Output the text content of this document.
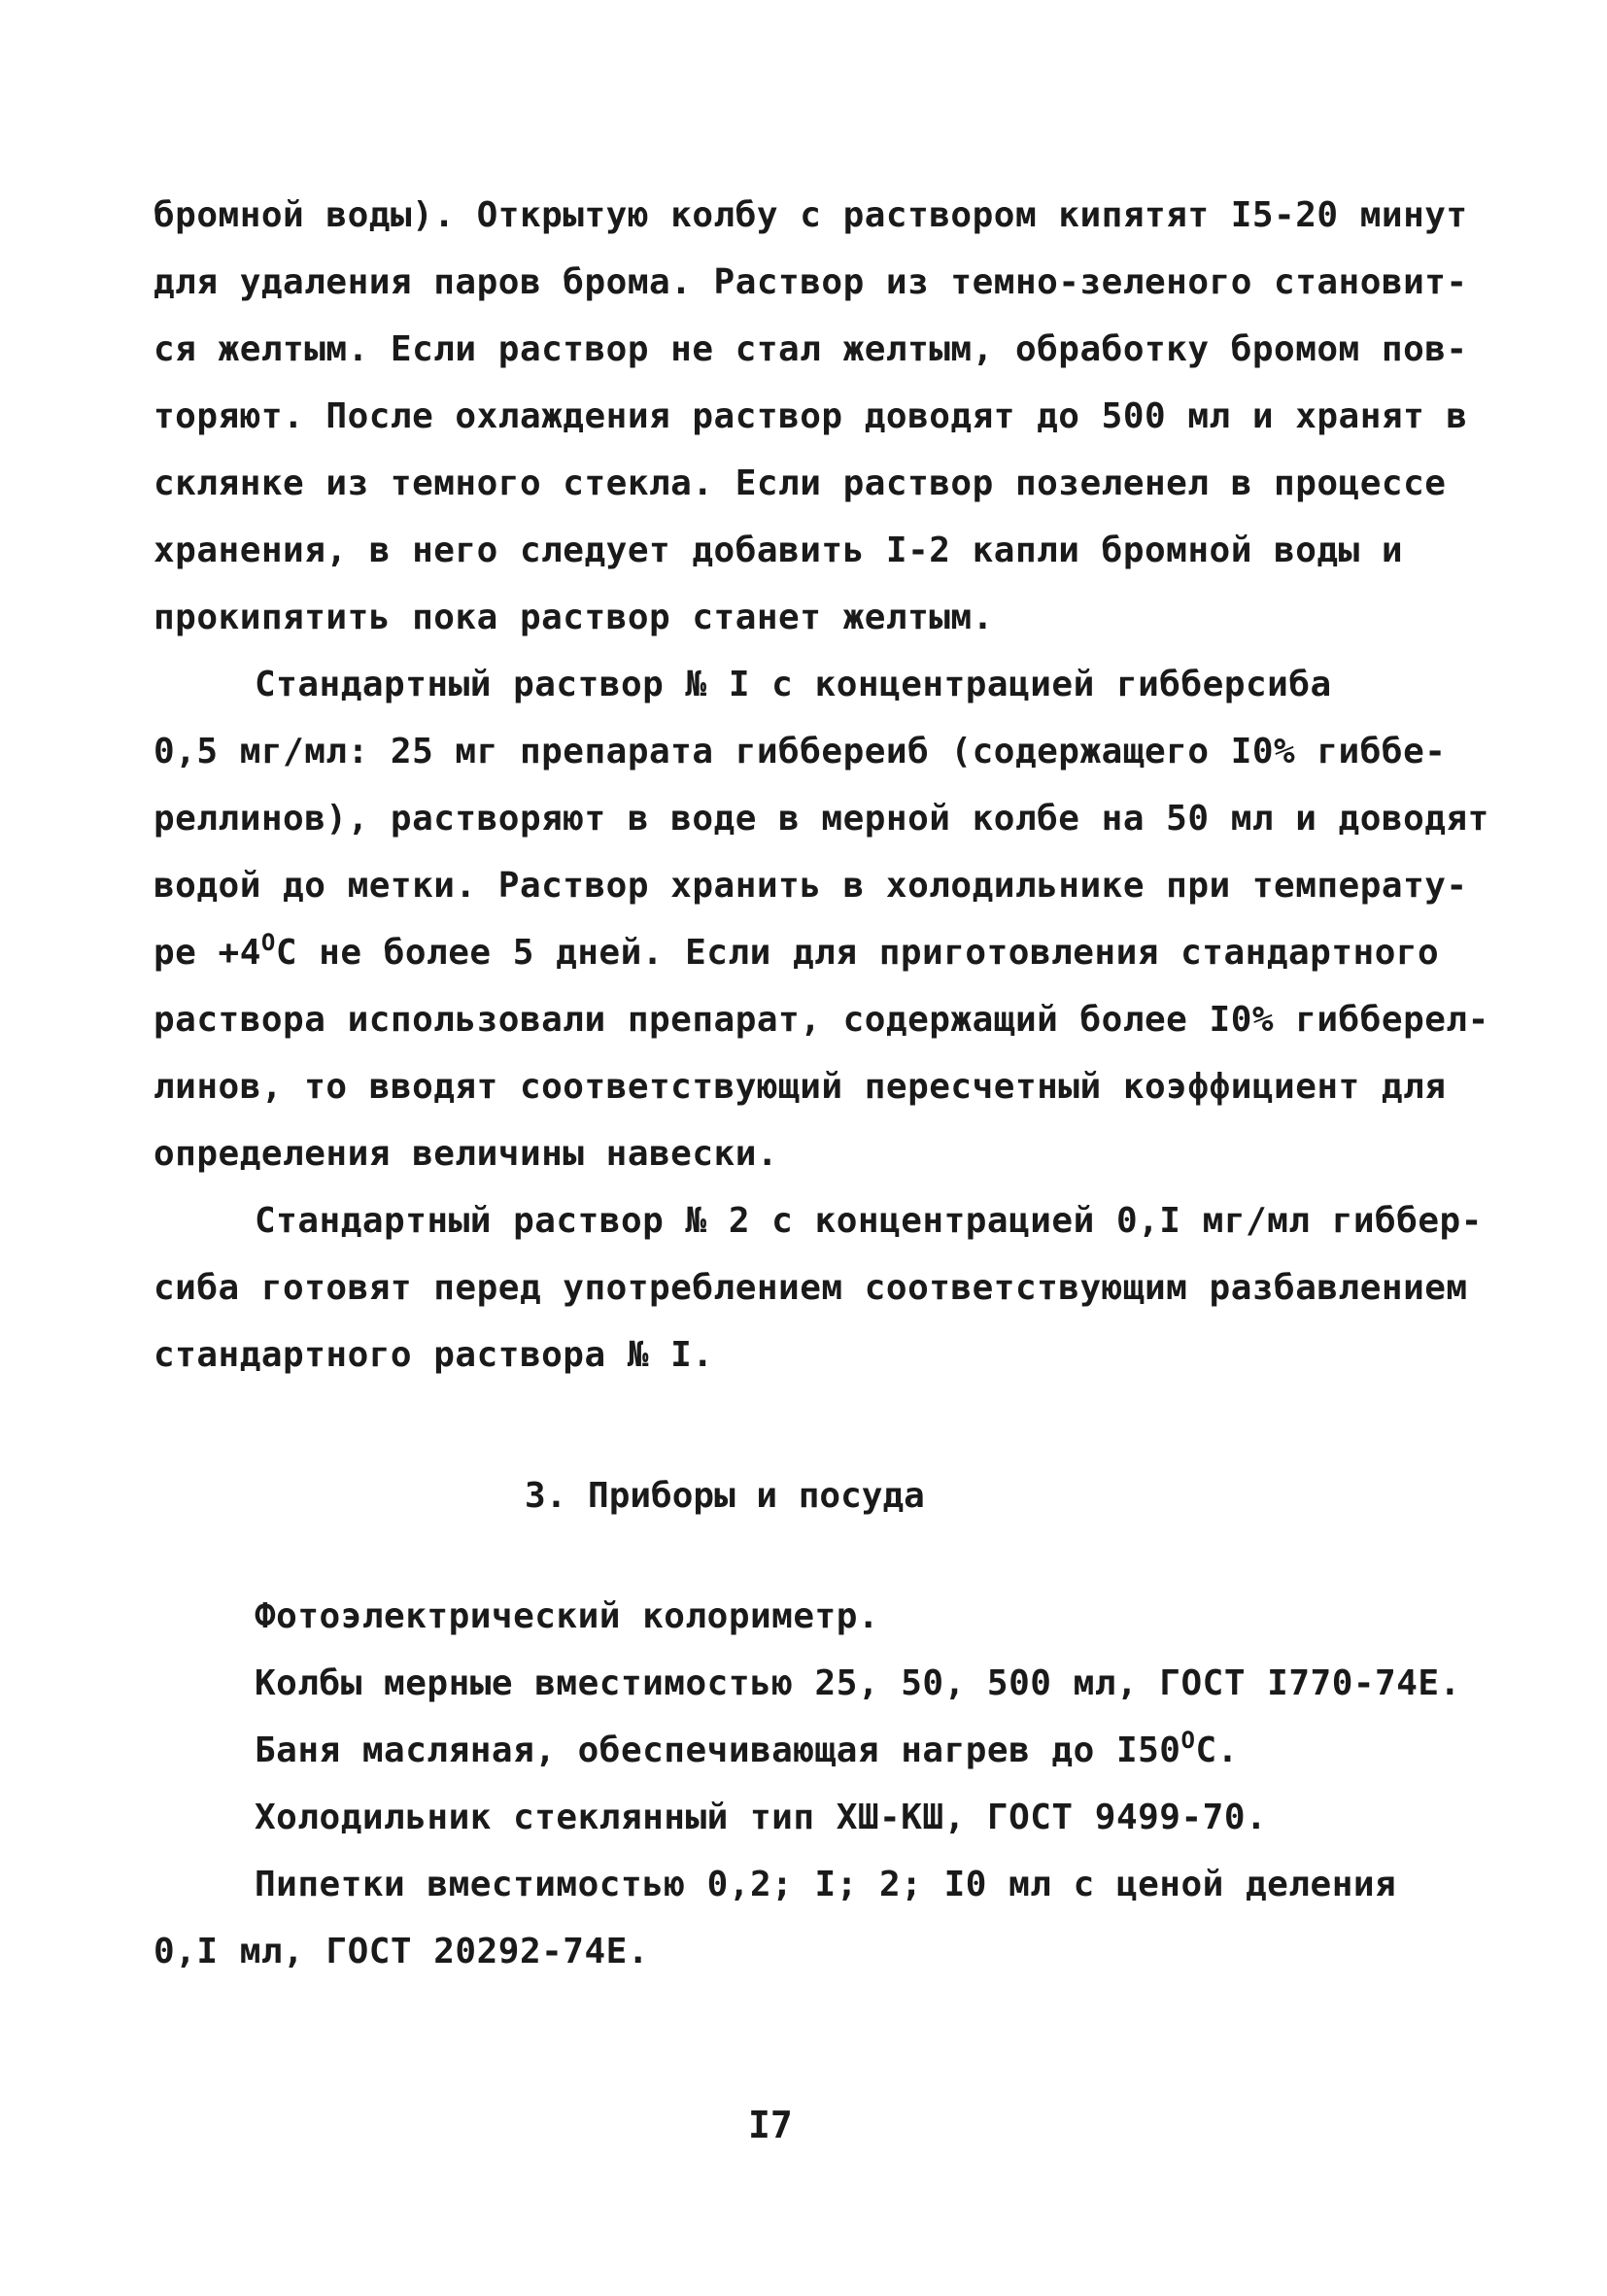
бромной воды). Открытую колбу с раствором кипятят I5-20 минут
для удаления паров брома. Раствор из темно-зеленого становит-
ся желтым. Если раствор не стал желтым, обработку бромом пов-
торяют. После охлаждения раствор доводят до 500 мл и хранят в
склянке из темного стекла. Если раствор позеленел в процессе
хранения, в него следует добавить I-2 капли бромной воды и
прокипятить пока раствор станет желтым.
Стандартный раствор № I с концентрацией гибберсиба
0,5 мг/мл: 25 мг препарата гиббереиб (содержащего I0% гиббе-
реллинов), растворяют в воде в мерной колбе на 50 мл и доводят
водой до метки. Раствор хранить в холодильнике при температу-
ре $+4^OC$ не более 5 дней. Если для приготовления стандартного
раствора использовали препарат, содержащий более I0% гибберел-
линов, то вводят соответствующий пересчетный коэффициент для
определения величины навески.
Стандартный раствор № 2 с концентрацией 0,I мг/мл гиббер-
сиба готовят перед употреблением соответствующим разбавлением
стандартного раствора № I.
3. Приборы и посуда
Фотоэлектрический колориметр.
Колбы мерные вместимостью 25, 50, 500 мл, ГОСТ I770-74Е.
Баня масляная, обеспечивающая нагрев до $I50^OC$.
Холодильник стеклянный тип ХШ-КШ, ГОСТ 9499-70.
Пипетки вместимостью 0,2; I; 2; I0 мл с ценой деления
0,I мл, ГОСТ 20292-74Е.
I7
